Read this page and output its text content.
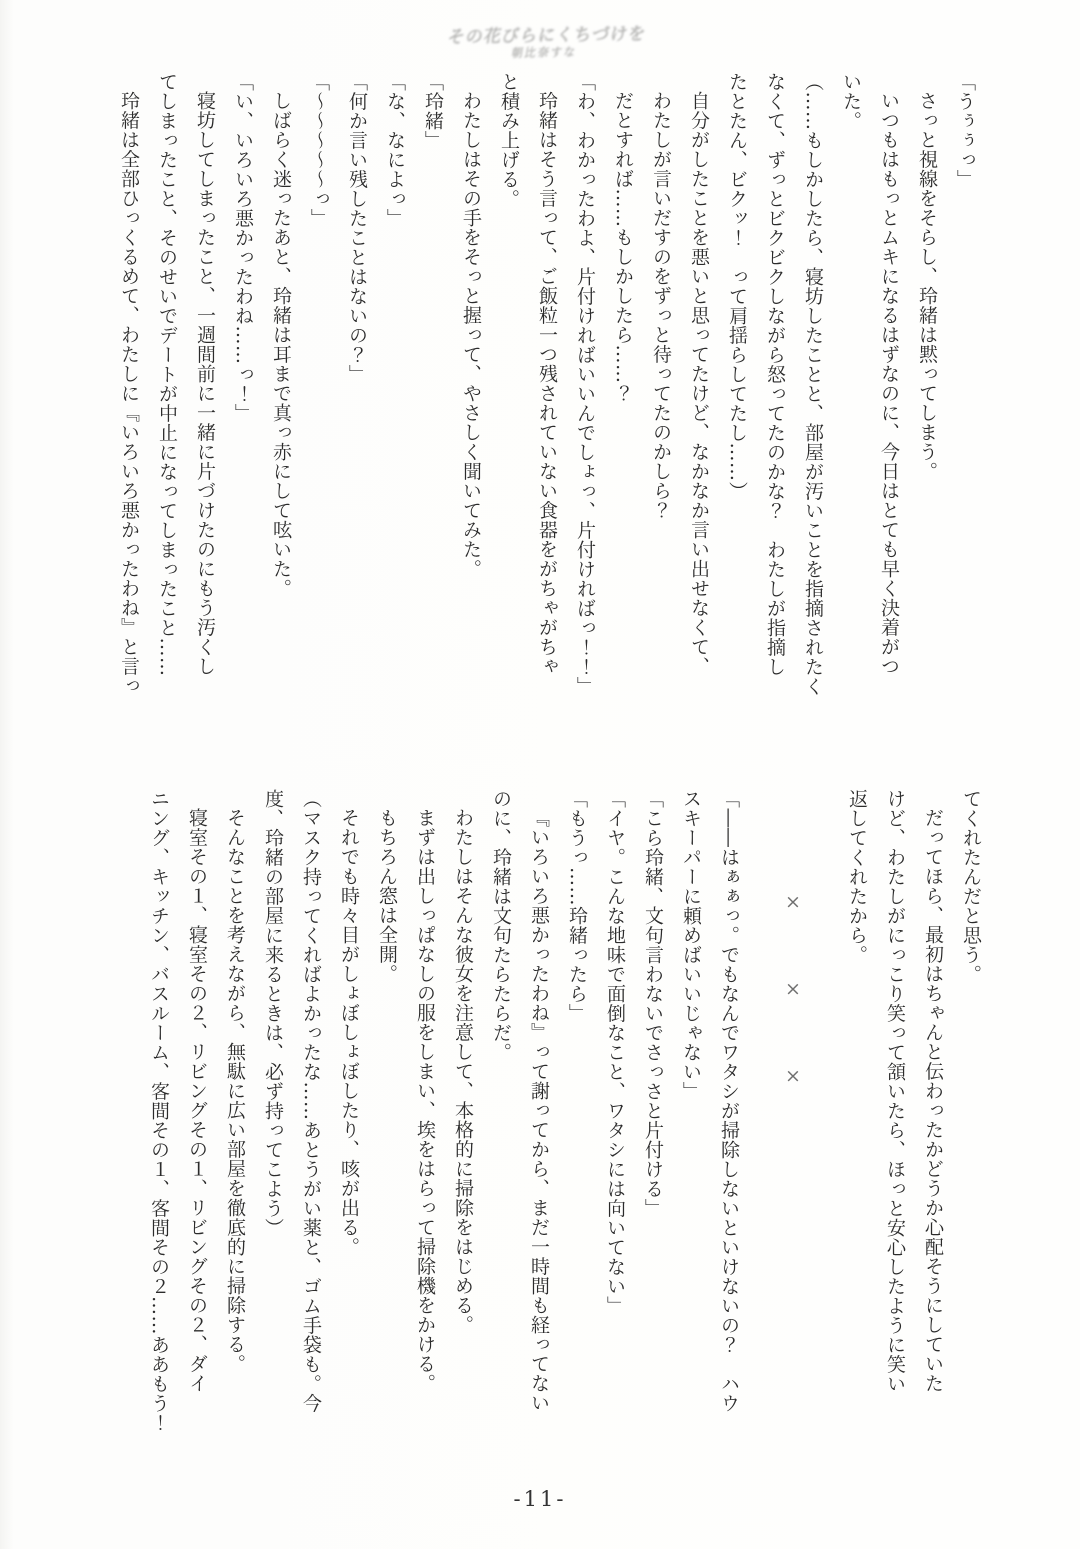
その花びらにくちづけを
朝比奈すな

「うぅぅっ」

さっと視線をそらし、玲緒は黙ってしまう。

いつもはもっとムキになるはずなのに、今日はとても早く決着がつ

いた。

（……もしかしたら、寝坊したことと、部屋が汚いことを指摘されたく

なくて、ずっとビクビクしながら怒ってたのかな？　わたしが指摘し

たとたん、ビクッ！　って肩揺らしてたし……）

自分がしたことを悪いと思ってたけど、なかなか言い出せなくて、

わたしが言いだすのをずっと待ってたのかしら？

だとすれば……もしかしたら……？

「わ、わかったわよ、片付ければいいんでしょっ、片付ければっ！！」

玲緒はそう言って、ご飯粒一つ残されていない食器をがちゃがちゃ

と積み上げる。

わたしはその手をそっと握って、やさしく聞いてみた。

「玲緒」

「な、なによっ」

「何か言い残したことはないの？」

「〜〜〜〜〜っ」

しばらく迷ったあと、玲緒は耳まで真っ赤にして呟いた。

「い、いろいろ悪かったわね……っ！」

寝坊してしまったこと、一週間前に一緒に片づけたのにもう汚くし

てしまったこと、そのせいでデートが中止になってしまったこと……

玲緒は全部ひっくるめて、わたしに『いろいろ悪かったわね』と言っ

てくれたんだと思う。

だってほら、最初はちゃんと伝わったかどうか心配そうにしていた

けど、わたしがにっこり笑って頷いたら、ほっと安心したように笑い

返してくれたから。

×　　×　　×

「――はぁぁっ。でもなんでワタシが掃除しないといけないの？　ハウ

スキーパーに頼めばいいじゃない」

「こら玲緒、文句言わないでさっさと片付ける」

「イヤ。こんな地味で面倒なこと、ワタシには向いてない」

「もうっ……玲緒ったら」

『いろいろ悪かったわね』って謝ってから、まだ一時間も経ってない

のに、玲緒は文句たらたらだ。

わたしはそんな彼女を注意して、本格的に掃除をはじめる。

まずは出しっぱなしの服をしまい、埃をはらって掃除機をかける。

もちろん窓は全開。

それでも時々目がしょぼしょぼしたり、咳が出る。

（マスク持ってくればよかったな……あとうがい薬と、ゴム手袋も。今

度、玲緒の部屋に来るときは、必ず持ってこよう）

そんなことを考えながら、無駄に広い部屋を徹底的に掃除する。

寝室その１、寝室その２、リビングその１、リビングその２、ダイ

ニング、キッチン、バスルーム、客間その１、客間その２……ああもう！

-11-
